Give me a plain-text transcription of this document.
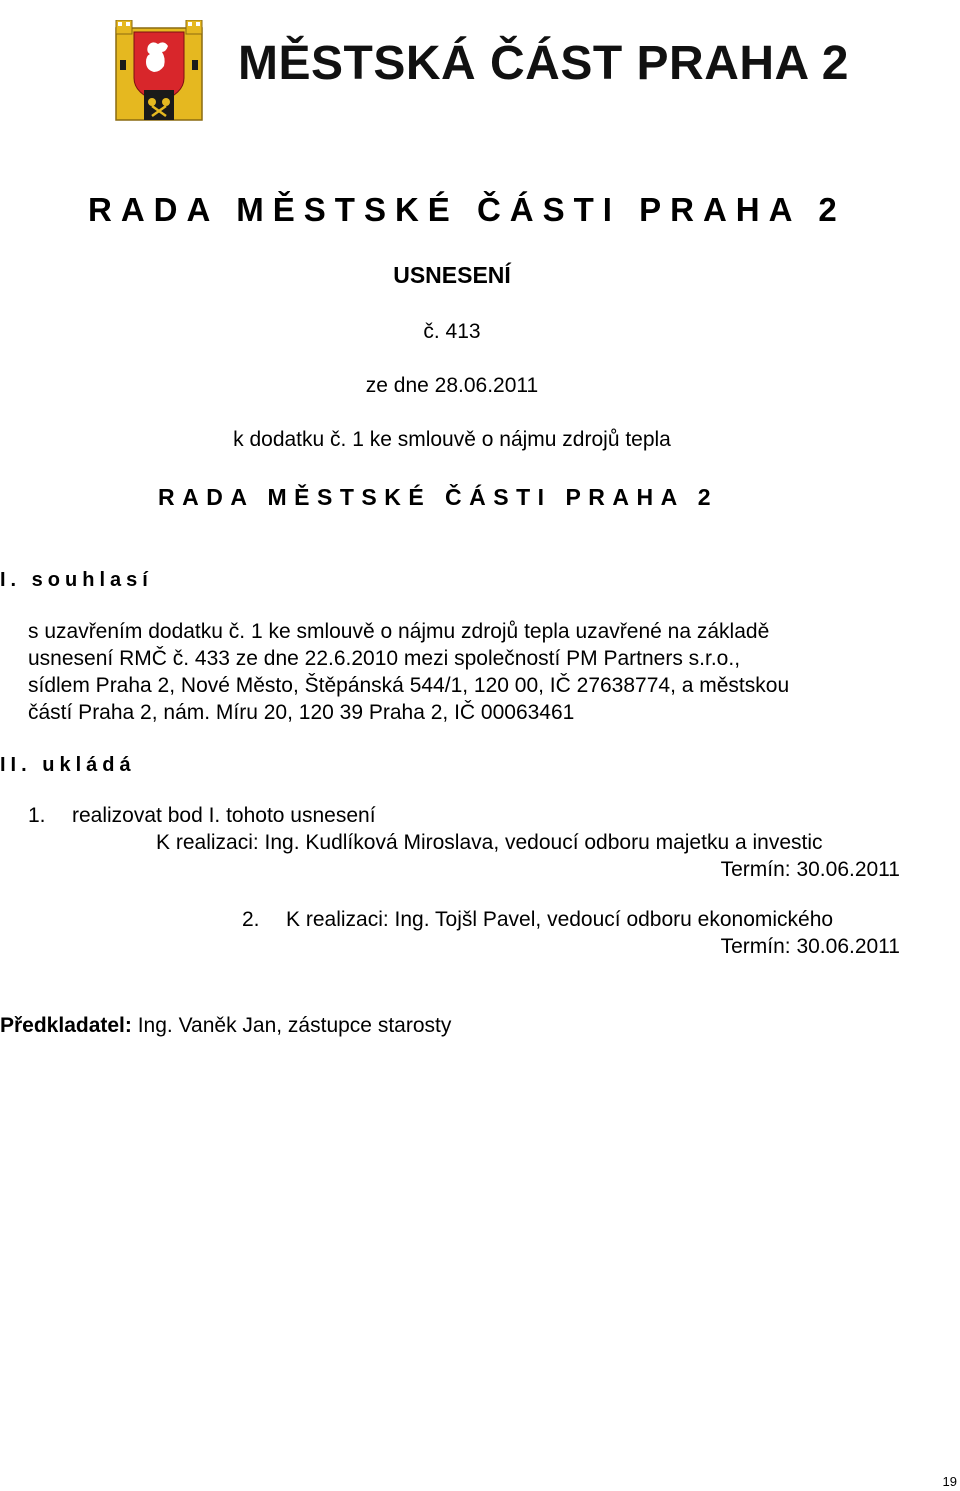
MĚSTSKÁ ČÁST PRAHA 2
RADA MĚSTSKÉ ČÁSTI PRAHA 2
USNESENÍ
č. 413
ze dne 28.06.2011
k dodatku č. 1 ke smlouvě o nájmu zdrojů tepla
RADA MĚSTSKÉ ČÁSTI PRAHA 2
I. souhlasí
s uzavřením dodatku č. 1 ke smlouvě o nájmu zdrojů tepla uzavřené na základě
usnesení RMČ č. 433 ze dne 22.6.2010 mezi společností PM Partners s.r.o.,
sídlem Praha 2, Nové Město, Štěpánská 544/1, 120 00, IČ 27638774, a městskou
částí Praha 2, nám. Míru 20, 120 39 Praha 2, IČ 00063461
II. ukládá
1. realizovat bod I. tohoto usnesení
K realizaci: Ing. Kudlíková Miroslava, vedoucí odboru majetku a investic
Termín: 30.06.2011
2. K realizaci: Ing. Tojšl Pavel, vedoucí odboru ekonomického
Termín: 30.06.2011
Předkladatel: Ing. Vaněk Jan, zástupce starosty
19
